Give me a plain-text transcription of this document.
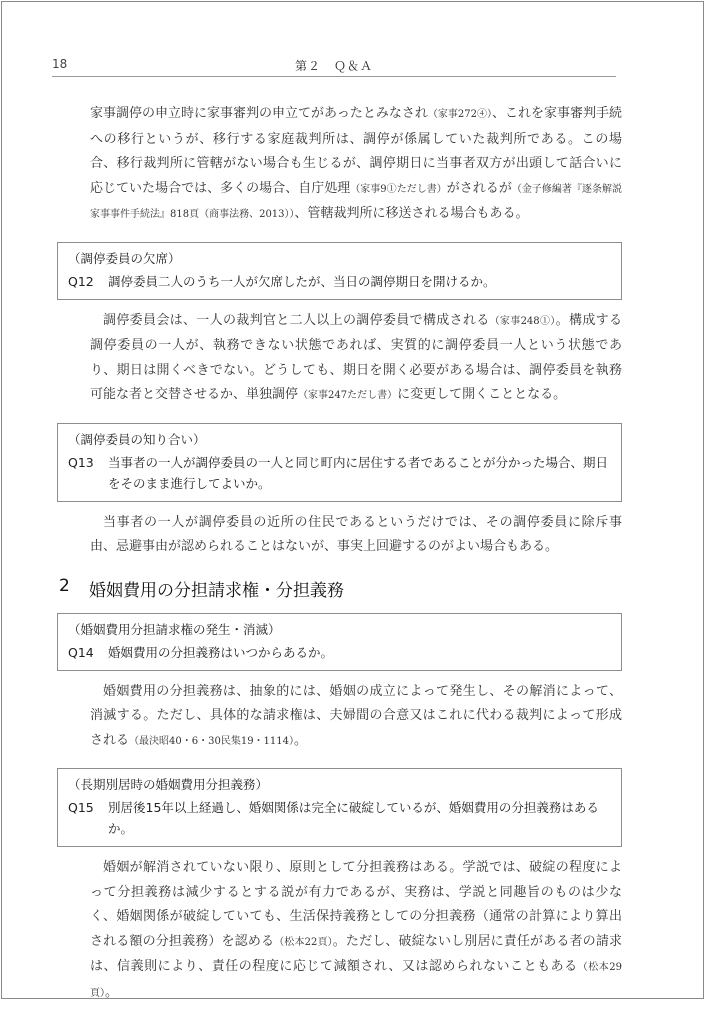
18	第２　Ｑ＆Ａ

家事調停の申立時に家事審判の申立てがあったとみなされ（家事272④）、これを家事審判手続への移行というが、移行する家庭裁判所は、調停が係属していた裁判所である。この場合、移行裁判所に管轄がない場合も生じるが、調停期日に当事者双方が出頭して話合いに応じていた場合では、多くの場合、自庁処理（家事9①ただし書）がされるが（金子修編著『逐条解説　家事事件手続法』818頁（商事法務、2013））、管轄裁判所に移送される場合もある。

（調停委員の欠席）
Q12	調停委員二人のうち一人が欠席したが、当日の調停期日を開けるか。

調停委員会は、一人の裁判官と二人以上の調停委員で構成される（家事248①）。構成する調停委員の一人が、執務できない状態であれば、実質的に調停委員一人という状態であり、期日は開くべきでない。どうしても、期日を開く必要がある場合は、調停委員を執務可能な者と交替させるか、単独調停（家事247ただし書）に変更して開くこととなる。

（調停委員の知り合い）
Q13	当事者の一人が調停委員の一人と同じ町内に居住する者であることが分かった場合、期日をそのまま進行してよいか。

当事者の一人が調停委員の近所の住民であるというだけでは、その調停委員に除斥事由、忌避事由が認められることはないが、事実上回避するのがよい場合もある。

2	婚姻費用の分担請求権・分担義務
（婚姻費用分担請求権の発生・消滅）
Q14	婚姻費用の分担義務はいつからあるか。

婚姻費用の分担義務は、抽象的には、婚姻の成立によって発生し、その解消によって、消滅する。ただし、具体的な請求権は、夫婦間の合意又はこれに代わる裁判によって形成される（最決昭40・6・30民集19・1114）。

（長期別居時の婚姻費用分担義務）
Q15	別居後15年以上経過し、婚姻関係は完全に破綻しているが、婚姻費用の分担義務はあるか。

婚姻が解消されていない限り、原則として分担義務はある。学説では、破綻の程度によって分担義務は減少するとする説が有力であるが、実務は、学説と同趣旨のものは少なく、婚姻関係が破綻していても、生活保持義務としての分担義務（通常の計算により算出される額の分担義務）を認める（松本22頁）。ただし、破綻ないし別居に責任がある者の請求は、信義則により、責任の程度に応じて減額され、又は認められないこともある（松本29頁）。
